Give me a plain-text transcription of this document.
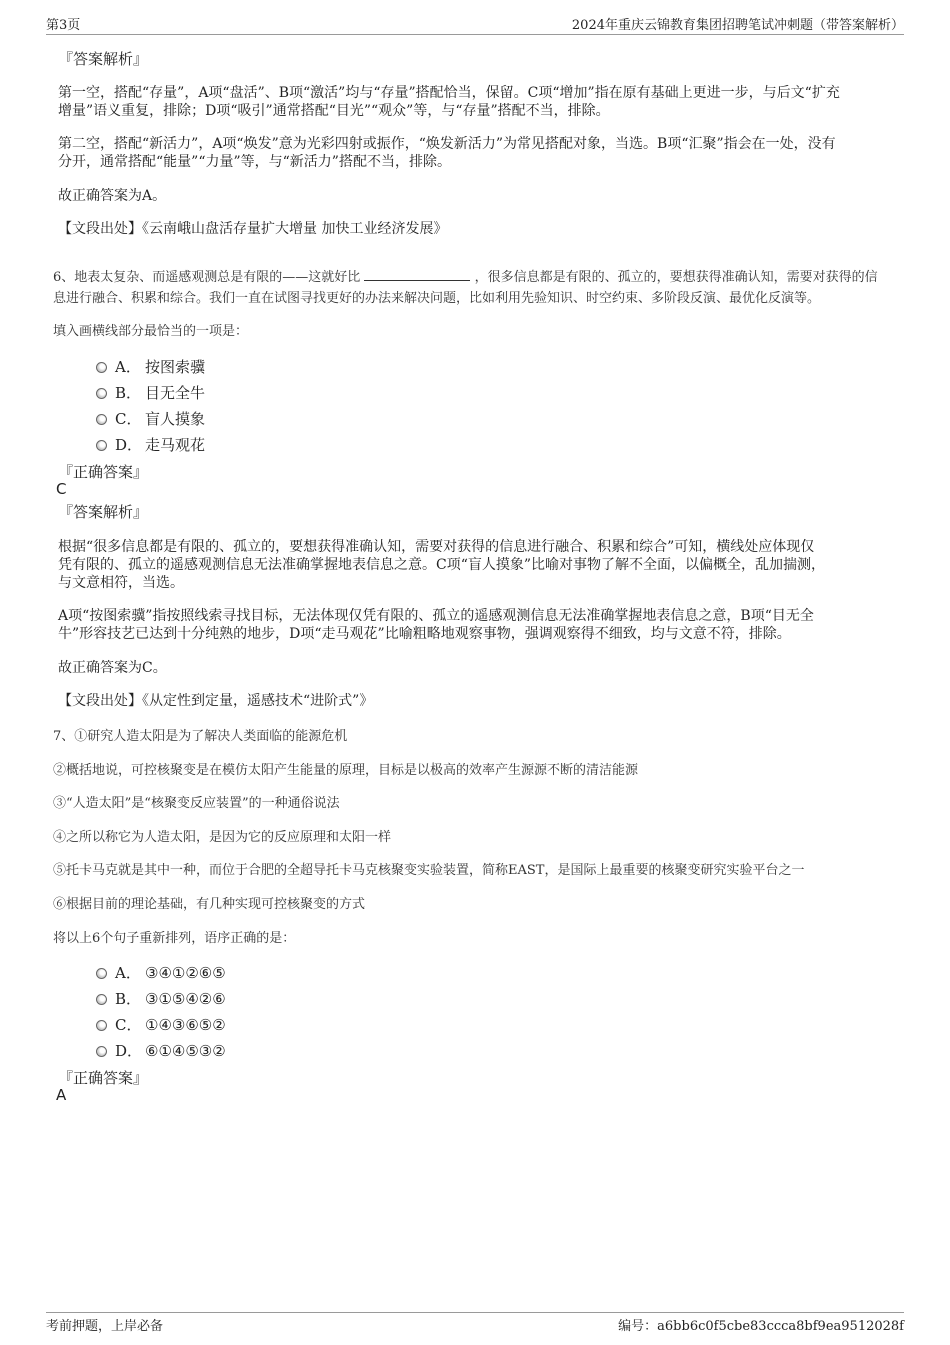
第3页	2024年重庆云锦教育集团招聘笔试冲刺题（带答案解析）
『答案解析』
第一空，搭配“存量”，A项“盘活”、B项“激活”均与“存量”搭配恰当，保留。C项“增加”指在原有基础上更进一步，与后文“扩充
增量”语义重复，排除；D项“吸引”通常搭配“目光”“观众”等，与“存量”搭配不当，排除。
第二空，搭配“新活力”，A项“焕发”意为光彩四射或振作，“焕发新活力”为常见搭配对象，当选。B项“汇聚”指会在一处，没有
分开，通常搭配“能量”“力量”等，与“新活力”搭配不当，排除。
故正确答案为A。
【文段出处】《云南峨山盘活存量扩大增量 加快工业经济发展》
6、地表太复杂、而遥感观测总是有限的——这就好比	，很多信息都是有限的、孤立的，要想获得准确认知，需要对获得的信
息进行融合、积累和综合。我们一直在试图寻找更好的办法来解决问题，比如利用先验知识、时空约束、多阶段反演、最优化反演等。
填入画横线部分最恰当的一项是：
A． 按图索骥
B． 目无全牛
C． 盲人摸象
D． 走马观花
『正确答案』
C
『答案解析』
根据“很多信息都是有限的、孤立的，要想获得准确认知，需要对获得的信息进行融合、积累和综合”可知，横线处应体现仅
凭有限的、孤立的遥感观测信息无法准确掌握地表信息之意。C项“盲人摸象”比喻对事物了解不全面，以偏概全，乱加揣测，
与文意相符，当选。
A项“按图索骥”指按照线索寻找目标，无法体现仅凭有限的、孤立的遥感观测信息无法准确掌握地表信息之意，B项“目无全
牛”形容技艺已达到十分纯熟的地步，D项“走马观花”比喻粗略地观察事物，强调观察得不细致，均与文意不符，排除。
故正确答案为C。
【文段出处】《从定性到定量，遥感技术“进阶式”》
7、①研究人造太阳是为了解决人类面临的能源危机
②概括地说，可控核聚变是在模仿太阳产生能量的原理，目标是以极高的效率产生源源不断的清洁能源
③“人造太阳”是“核聚变反应装置”的一种通俗说法
④之所以称它为人造太阳，是因为它的反应原理和太阳一样
⑤托卡马克就是其中一种，而位于合肥的全超导托卡马克核聚变实验装置，简称EAST，是国际上最重要的核聚变研究实验平台之一
⑥根据目前的理论基础，有几种实现可控核聚变的方式
将以上6个句子重新排列，语序正确的是：
A． ③④①②⑥⑤
B． ③①⑤④②⑥
C． ①④③⑥⑤②
D． ⑥①④⑤③②
『正确答案』
A
考前押题，上岸必备	编号：a6bb6c0f5cbe83ccca8bf9ea9512028f
